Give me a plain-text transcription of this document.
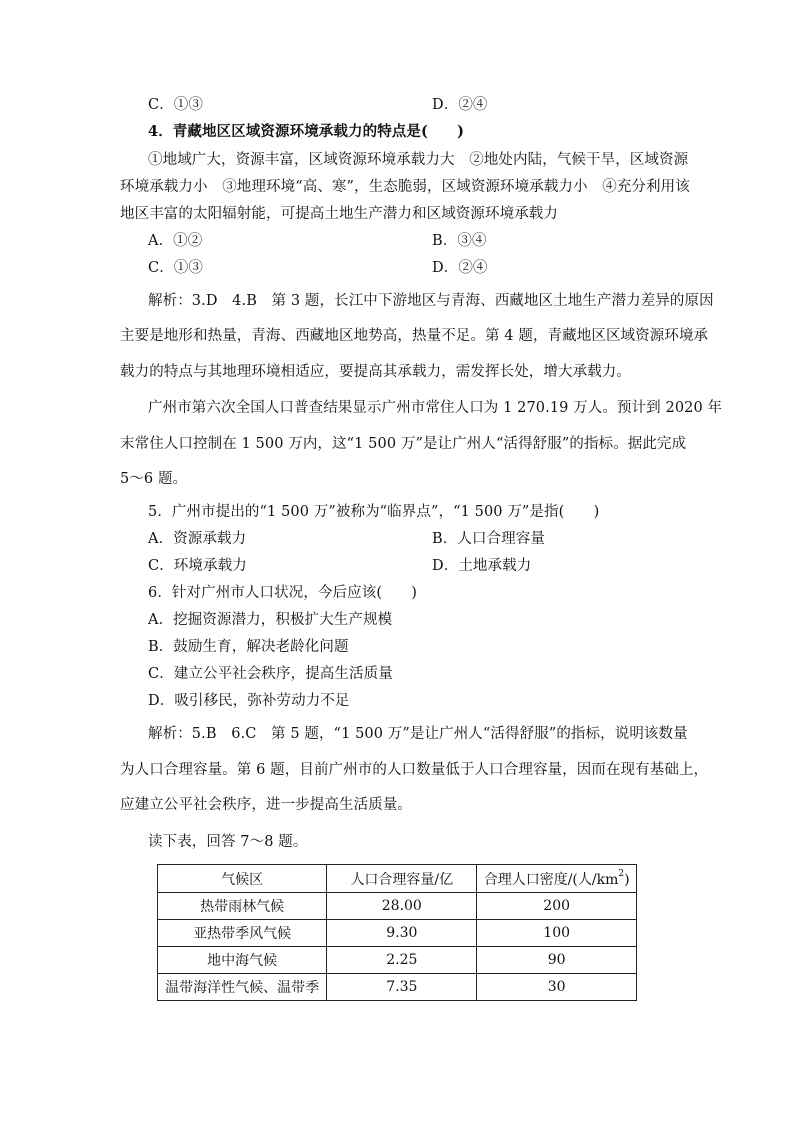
C．①③	D．②④
4．青藏地区区域资源环境承载力的特点是(　　)
①地域广大，资源丰富，区域资源环境承载力大　②地处内陆，气候干旱，区域资源
环境承载力小　③地理环境“高、寒”，生态脆弱，区域资源环境承载力小　④充分利用该
地区丰富的太阳辐射能，可提高土地生产潜力和区域资源环境承载力
A．①②	B．③④
C．①③	D．②④
解析：3.D　4.B　第 3 题，长江中下游地区与青海、西藏地区土地生产潜力差异的原因
主要是地形和热量，青海、西藏地区地势高，热量不足。第 4 题，青藏地区区域资源环境承
载力的特点与其地理环境相适应，要提高其承载力，需发挥长处，增大承载力。
广州市第六次全国人口普查结果显示广州市常住人口为 1 270.19 万人。预计到 2020 年
末常住人口控制在 1 500 万内，这“1 500 万”是让广州人“活得舒服”的指标。据此完成
5～6 题。
5．广州市提出的“1 500 万”被称为“临界点”，“1 500 万”是指(　　)
A．资源承载力	B．人口合理容量
C．环境承载力	D．土地承载力
6．针对广州市人口状况，今后应该(　　)
A．挖掘资源潜力，积极扩大生产规模
B．鼓励生育，解决老龄化问题
C．建立公平社会秩序，提高生活质量
D．吸引移民，弥补劳动力不足
解析：5.B　6.C　第 5 题，“1 500 万”是让广州人“活得舒服”的指标，说明该数量
为人口合理容量。第 6 题，目前广州市的人口数量低于人口合理容量，因而在现有基础上，
应建立公平社会秩序，进一步提高生活质量。
读下表，回答 7～8 题。
气候区	人口合理容量/亿	合理人口密度/(人$/km^2$)
热带雨林气候	28.00	200
亚热带季风气候	9.30	100
地中海气候	2.25	90
温带海洋性气候、温带季	7.35	30
